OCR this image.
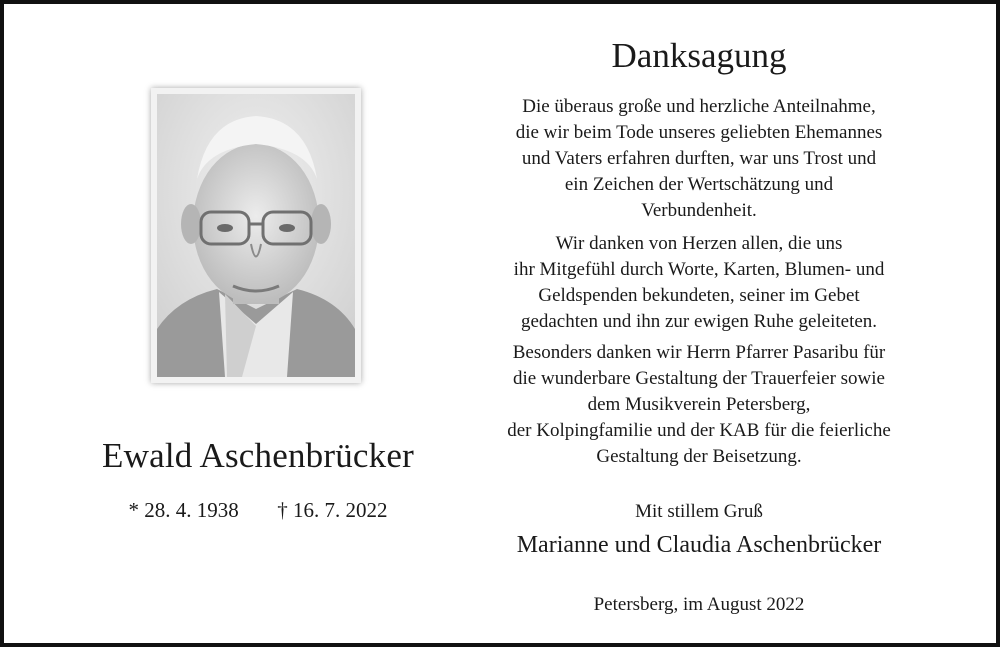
Ewald Aschenbrücker
* 28. 4. 1938 † 16. 7. 2022
Danksagung
Die überaus große und herzliche Anteilnahme,
die wir beim Tode unseres geliebten Ehemannes
und Vaters erfahren durften, war uns Trost und
ein Zeichen der Wertschätzung und
Verbundenheit.
Wir danken von Herzen allen, die uns
ihr Mitgefühl durch Worte, Karten, Blumen- und
Geldspenden bekundeten, seiner im Gebet
gedachten und ihn zur ewigen Ruhe geleiteten.
Besonders danken wir Herrn Pfarrer Pasaribu für
die wunderbare Gestaltung der Trauerfeier sowie
dem Musikverein Petersberg,
der Kolpingfamilie und der KAB für die feierliche
Gestaltung der Beisetzung.
Mit stillem Gruß
Marianne und Claudia Aschenbrücker
Petersberg, im August 2022
